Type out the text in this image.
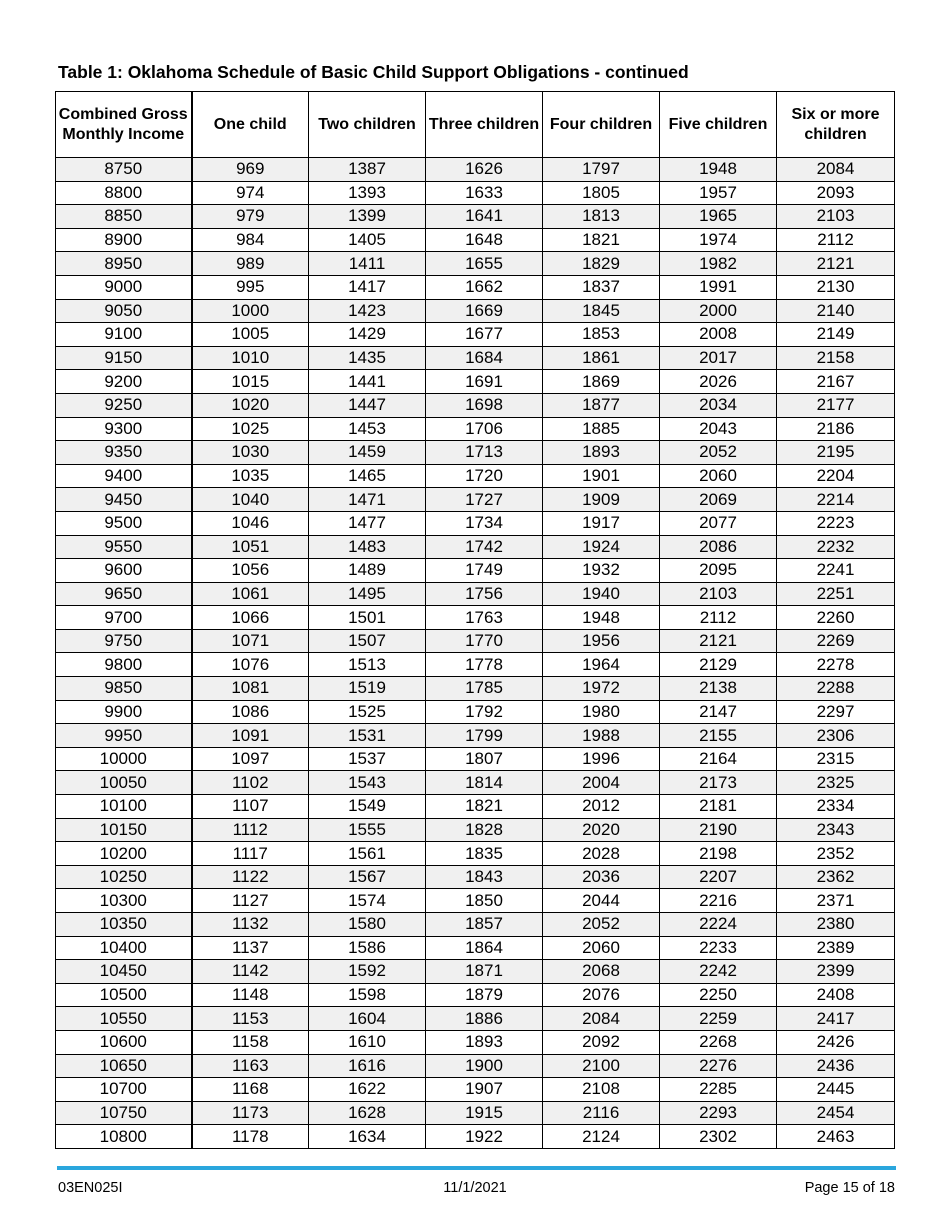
Table 1: Oklahoma Schedule of Basic Child Support Obligations - continued
Combined Gross Monthly Income	One child	Two children	Three children	Four children	Five children	Six or more children
8750	969	1387	1626	1797	1948	2084
8800	974	1393	1633	1805	1957	2093
8850	979	1399	1641	1813	1965	2103
8900	984	1405	1648	1821	1974	2112
8950	989	1411	1655	1829	1982	2121
9000	995	1417	1662	1837	1991	2130
9050	1000	1423	1669	1845	2000	2140
9100	1005	1429	1677	1853	2008	2149
9150	1010	1435	1684	1861	2017	2158
9200	1015	1441	1691	1869	2026	2167
9250	1020	1447	1698	1877	2034	2177
9300	1025	1453	1706	1885	2043	2186
9350	1030	1459	1713	1893	2052	2195
9400	1035	1465	1720	1901	2060	2204
9450	1040	1471	1727	1909	2069	2214
9500	1046	1477	1734	1917	2077	2223
9550	1051	1483	1742	1924	2086	2232
9600	1056	1489	1749	1932	2095	2241
9650	1061	1495	1756	1940	2103	2251
9700	1066	1501	1763	1948	2112	2260
9750	1071	1507	1770	1956	2121	2269
9800	1076	1513	1778	1964	2129	2278
9850	1081	1519	1785	1972	2138	2288
9900	1086	1525	1792	1980	2147	2297
9950	1091	1531	1799	1988	2155	2306
10000	1097	1537	1807	1996	2164	2315
10050	1102	1543	1814	2004	2173	2325
10100	1107	1549	1821	2012	2181	2334
10150	1112	1555	1828	2020	2190	2343
10200	1117	1561	1835	2028	2198	2352
10250	1122	1567	1843	2036	2207	2362
10300	1127	1574	1850	2044	2216	2371
10350	1132	1580	1857	2052	2224	2380
10400	1137	1586	1864	2060	2233	2389
10450	1142	1592	1871	2068	2242	2399
10500	1148	1598	1879	2076	2250	2408
10550	1153	1604	1886	2084	2259	2417
10600	1158	1610	1893	2092	2268	2426
10650	1163	1616	1900	2100	2276	2436
10700	1168	1622	1907	2108	2285	2445
10750	1173	1628	1915	2116	2293	2454
10800	1178	1634	1922	2124	2302	2463
03EN025I	11/1/2021	Page 15 of 18
